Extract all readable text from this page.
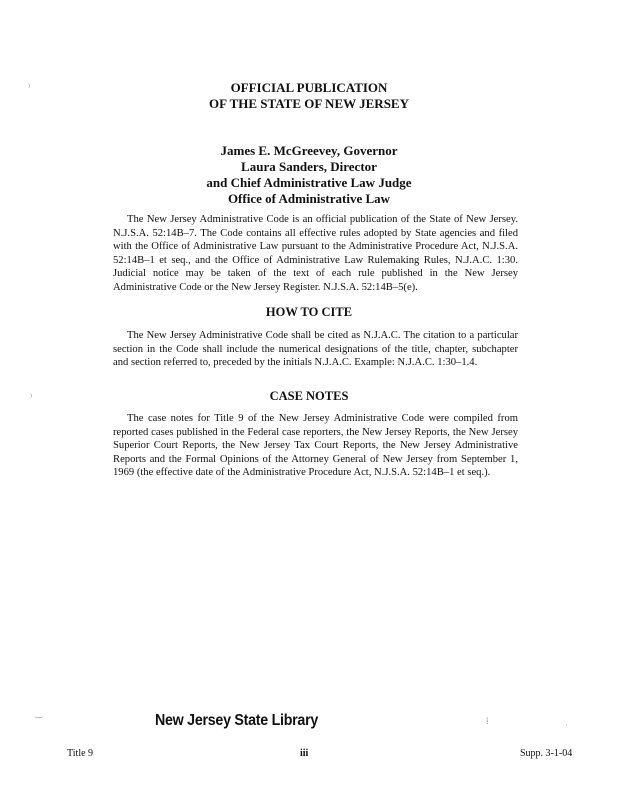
OFFICIAL PUBLICATION
OF THE STATE OF NEW JERSEY
James E. McGreevey, Governor
Laura Sanders, Director
and Chief Administrative Law Judge
Office of Administrative Law
The New Jersey Administrative Code is an official publication of the State of New Jersey. N.J.S.A. 52:14B–7. The Code contains all effective rules adopted by State agencies and filed with the Office of Administrative Law pursuant to the Administrative Procedure Act, N.J.S.A. 52:14B–1 et seq., and the Office of Administrative Law Rulemaking Rules, N.J.A.C. 1:30. Judicial notice may be taken of the text of each rule published in the New Jersey Administrative Code or the New Jersey Register. N.J.S.A. 52:14B–5(e).
HOW TO CITE
The New Jersey Administrative Code shall be cited as N.J.A.C. The citation to a particular section in the Code shall include the numerical designations of the title, chapter, subchapter and section referred to, preceded by the initials N.J.A.C. Example: N.J.A.C. 1:30–1.4.
CASE NOTES
The case notes for Title 9 of the New Jersey Administrative Code were compiled from reported cases published in the Federal case reporters, the New Jersey Reports, the New Jersey Superior Court Reports, the New Jersey Tax Court Reports, the New Jersey Administrative Reports and the Formal Opinions of the Attorney General of New Jersey from September 1, 1969 (the effective date of the Administrative Procedure Act, N.J.S.A. 52:14B–1 et seq.).
New Jersey State Library
Title 9	iii	Supp. 3-1-04
⁾
⁾
‿
⁞	ˌ
